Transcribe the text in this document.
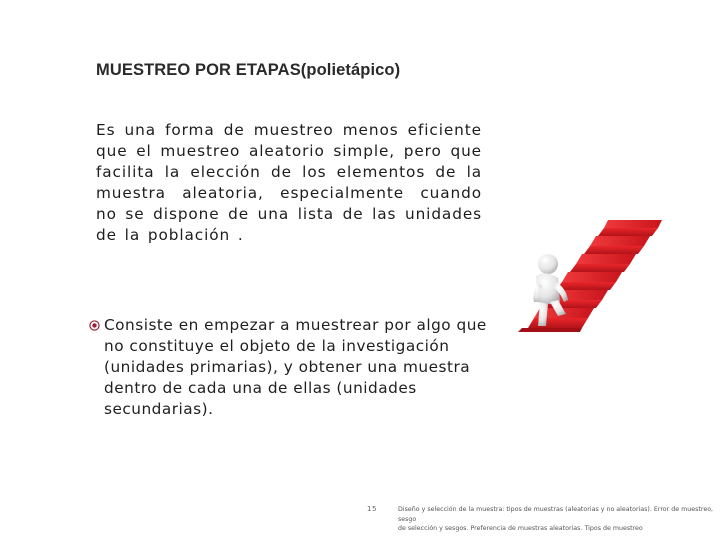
MUESTREO POR ETAPAS(polietápico)
Es una forma de muestreo menos eficiente que el muestreo aleatorio simple, pero que facilita la elección de los elementos de la muestra aleatoria, especialmente cuando no se dispone de una lista de las unidades de la población .
Consiste en empezar a muestrear por algo que no constituye el objeto de la investigación (unidades primarias), y obtener una muestra dentro de cada una de ellas (unidades secundarias).
15	Diseño y selección de la muestra: tipos de muestras (aleatorias y no aleatorias). Error de muestreo, sesgo
de selección y sesgos. Preferencia de muestras aleatorias. Tipos de muestreo
